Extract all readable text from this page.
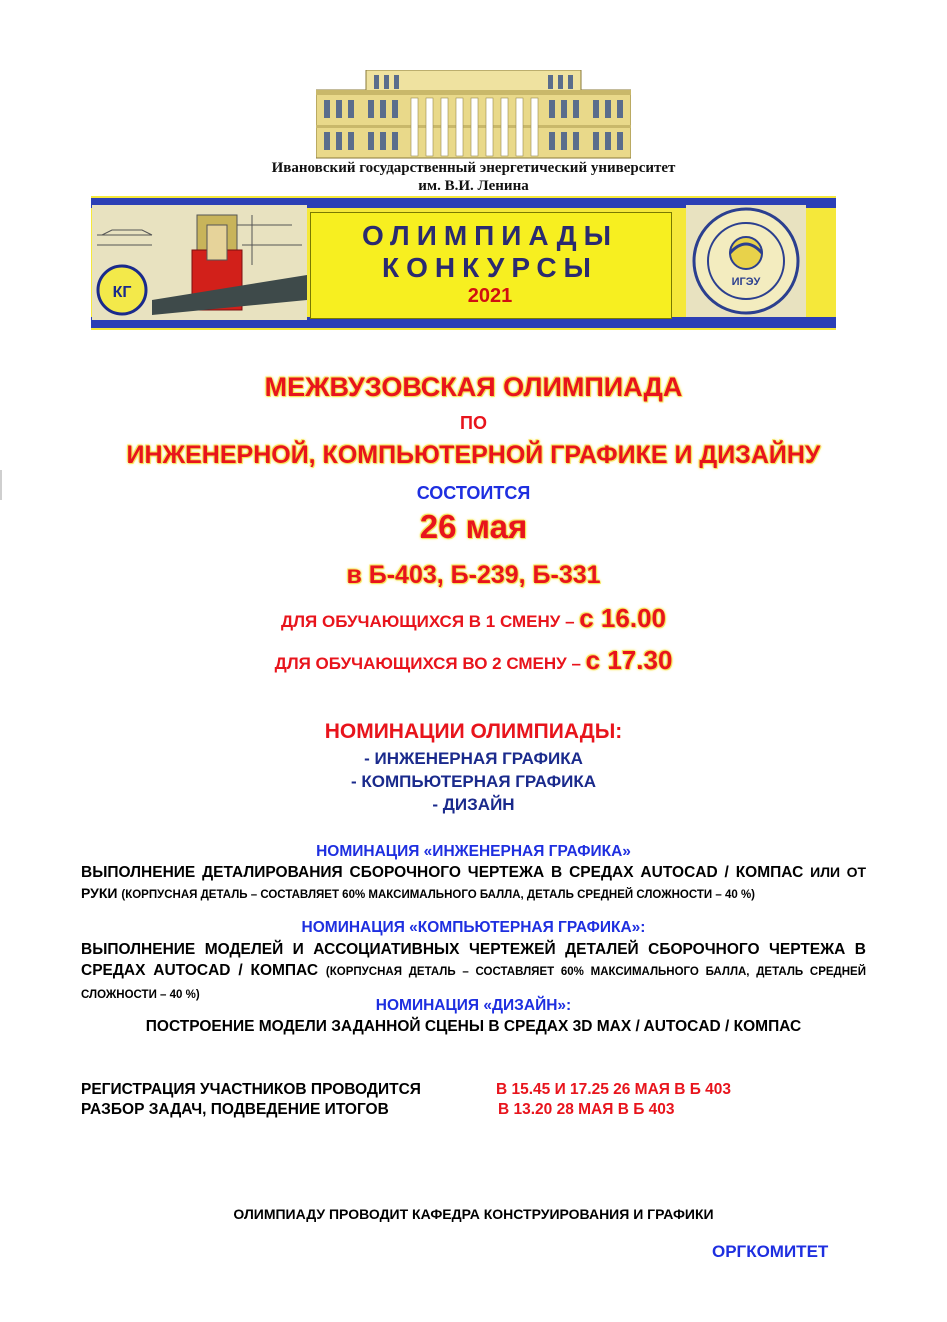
Ивановский государственный энергетический университет
им. В.И. Ленина
КГ
ОЛИМПИАДЫ
КОНКУРСЫ
2021
ИГЭУ
МЕЖВУЗОВСКАЯ ОЛИМПИАДА
ПО
ИНЖЕНЕРНОЙ, КОМПЬЮТЕРНОЙ ГРАФИКЕ И ДИЗАЙНУ
СОСТОИТСЯ
26 мая
в Б-403, Б-239, Б-331
ДЛЯ ОБУЧАЮЩИХСЯ В 1 СМЕНУ – с 16.00
ДЛЯ ОБУЧАЮЩИХСЯ ВО 2 СМЕНУ – с 17.30
НОМИНАЦИИ ОЛИМПИАДЫ:
- ИНЖЕНЕРНАЯ ГРАФИКА
- КОМПЬЮТЕРНАЯ ГРАФИКА
- ДИЗАЙН
НОМИНАЦИЯ «ИНЖЕНЕРНАЯ ГРАФИКА»
ВЫПОЛНЕНИЕ ДЕТАЛИРОВАНИЯ СБОРОЧНОГО ЧЕРТЕЖА В СРЕДАХ AUTOCAD / КОМПАС ИЛИ ОТ РУКИ (КОРПУСНАЯ ДЕТАЛЬ – СОСТАВЛЯЕТ 60% МАКСИМАЛЬНОГО БАЛЛА, ДЕТАЛЬ СРЕДНЕЙ СЛОЖНОСТИ – 40 %)
НОМИНАЦИЯ «КОМПЬЮТЕРНАЯ ГРАФИКА»:
ВЫПОЛНЕНИЕ МОДЕЛЕЙ И АССОЦИАТИВНЫХ ЧЕРТЕЖЕЙ ДЕТАЛЕЙ СБОРОЧНОГО ЧЕРТЕЖА В СРЕДАХ AUTOCAD / КОМПАС (КОРПУСНАЯ ДЕТАЛЬ – СОСТАВЛЯЕТ 60% МАКСИМАЛЬНОГО БАЛЛА, ДЕТАЛЬ СРЕДНЕЙ СЛОЖНОСТИ – 40 %)
НОМИНАЦИЯ «ДИЗАЙН»:
ПОСТРОЕНИЕ МОДЕЛИ ЗАДАННОЙ СЦЕНЫ В СРЕДАХ 3D MAX / AUTOCAD / КОМПАС
РЕГИСТРАЦИЯ УЧАСТНИКОВ ПРОВОДИТСЯ	В 15.45 И 17.25 26 МАЯ В Б 403
РАЗБОР ЗАДАЧ, ПОДВЕДЕНИЕ ИТОГОВ	В 13.20 28 МАЯ В Б 403
ОЛИМПИАДУ ПРОВОДИТ КАФЕДРА КОНСТРУИРОВАНИЯ И ГРАФИКИ
ОРГКОМИТЕТ
